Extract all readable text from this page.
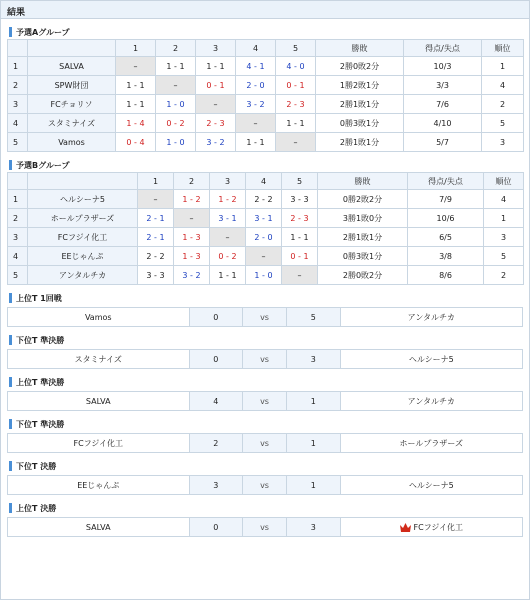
結果
予選Aグループ
		1	2	3	4	5	勝敗	得点/失点	順位
1	SALVA	–	1 - 1	1 - 1	4 - 1	4 - 0	2勝0敗2分	10/3	1
2	SPW財団	1 - 1	–	0 - 1	2 - 0	0 - 1	1勝2敗1分	3/3	4
3	FCチョリソ	1 - 1	1 - 0	–	3 - 2	2 - 3	2勝1敗1分	7/6	2
4	スタミナイズ	1 - 4	0 - 2	2 - 3	–	1 - 1	0勝3敗1分	4/10	5
5	Vamos	0 - 4	1 - 0	3 - 2	1 - 1	–	2勝1敗1分	5/7	3
予選Bグループ
		1	2	3	4	5	勝敗	得点/失点	順位
1	ヘルシーナ5	–	1 - 2	1 - 2	2 - 2	3 - 3	0勝2敗2分	7/9	4
2	ホールプラザーズ	2 - 1	–	3 - 1	3 - 1	2 - 3	3勝1敗0分	10/6	1
3	FCフジイ化工	2 - 1	1 - 3	–	2 - 0	1 - 1	2勝1敗1分	6/5	3
4	EEじゃんぷ	2 - 2	1 - 3	0 - 2	–	0 - 1	0勝3敗1分	3/8	5
5	アンタルチカ	3 - 3	3 - 2	1 - 1	1 - 0	–	2勝0敗2分	8/6	2
上位T 1回戦
Vamos	0	vs	5	アンタルチカ
下位T 準決勝
スタミナイズ	0	vs	3	ヘルシーナ5
上位T 準決勝
SALVA	4	vs	1	アンタルチカ
下位T 準決勝
FCフジイ化工	2	vs	1	ホールプラザーズ
下位T 決勝
EEじゃんぷ	3	vs	1	ヘルシーナ5
上位T 決勝
SALVA	0	vs	3	FCフジイ化工
